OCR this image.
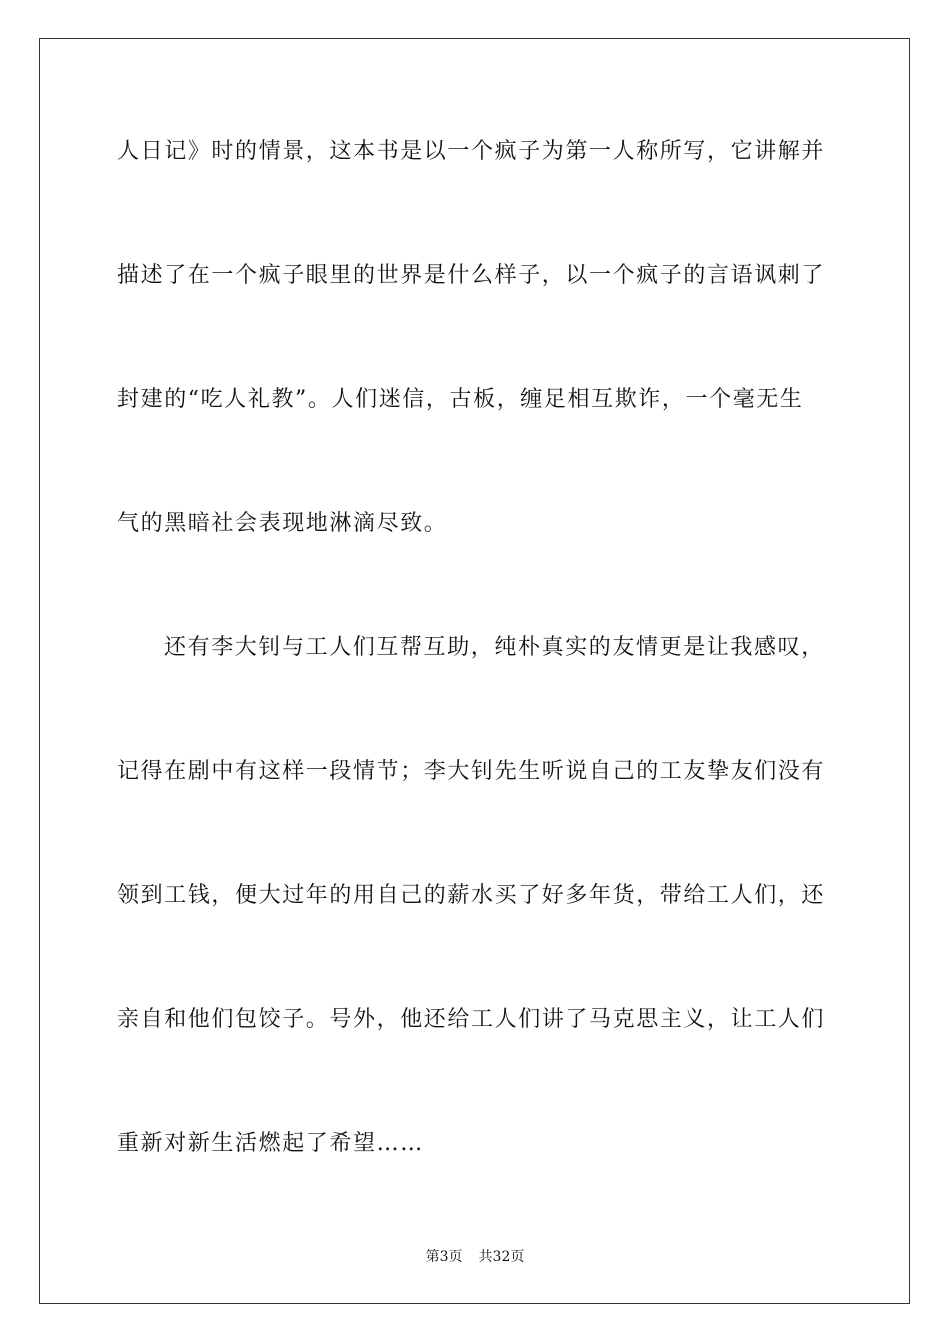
人日记》时的情景，这本书是以一个疯子为第一人称所写，它讲解并
描述了在一个疯子眼里的世界是什么样子，以一个疯子的言语讽刺了
封建的“吃人礼教”。人们迷信，古板，缠足相互欺诈，一个毫无生
气的黑暗社会表现地淋滴尽致。
还有李大钊与工人们互帮互助，纯朴真实的友情更是让我感叹，
记得在剧中有这样一段情节；李大钊先生听说自己的工友挚友们没有
领到工钱，便大过年的用自己的薪水买了好多年货，带给工人们，还
亲自和他们包饺子。号外，他还给工人们讲了马克思主义，让工人们
重新对新生活燃起了希望……
第3页 共32页
